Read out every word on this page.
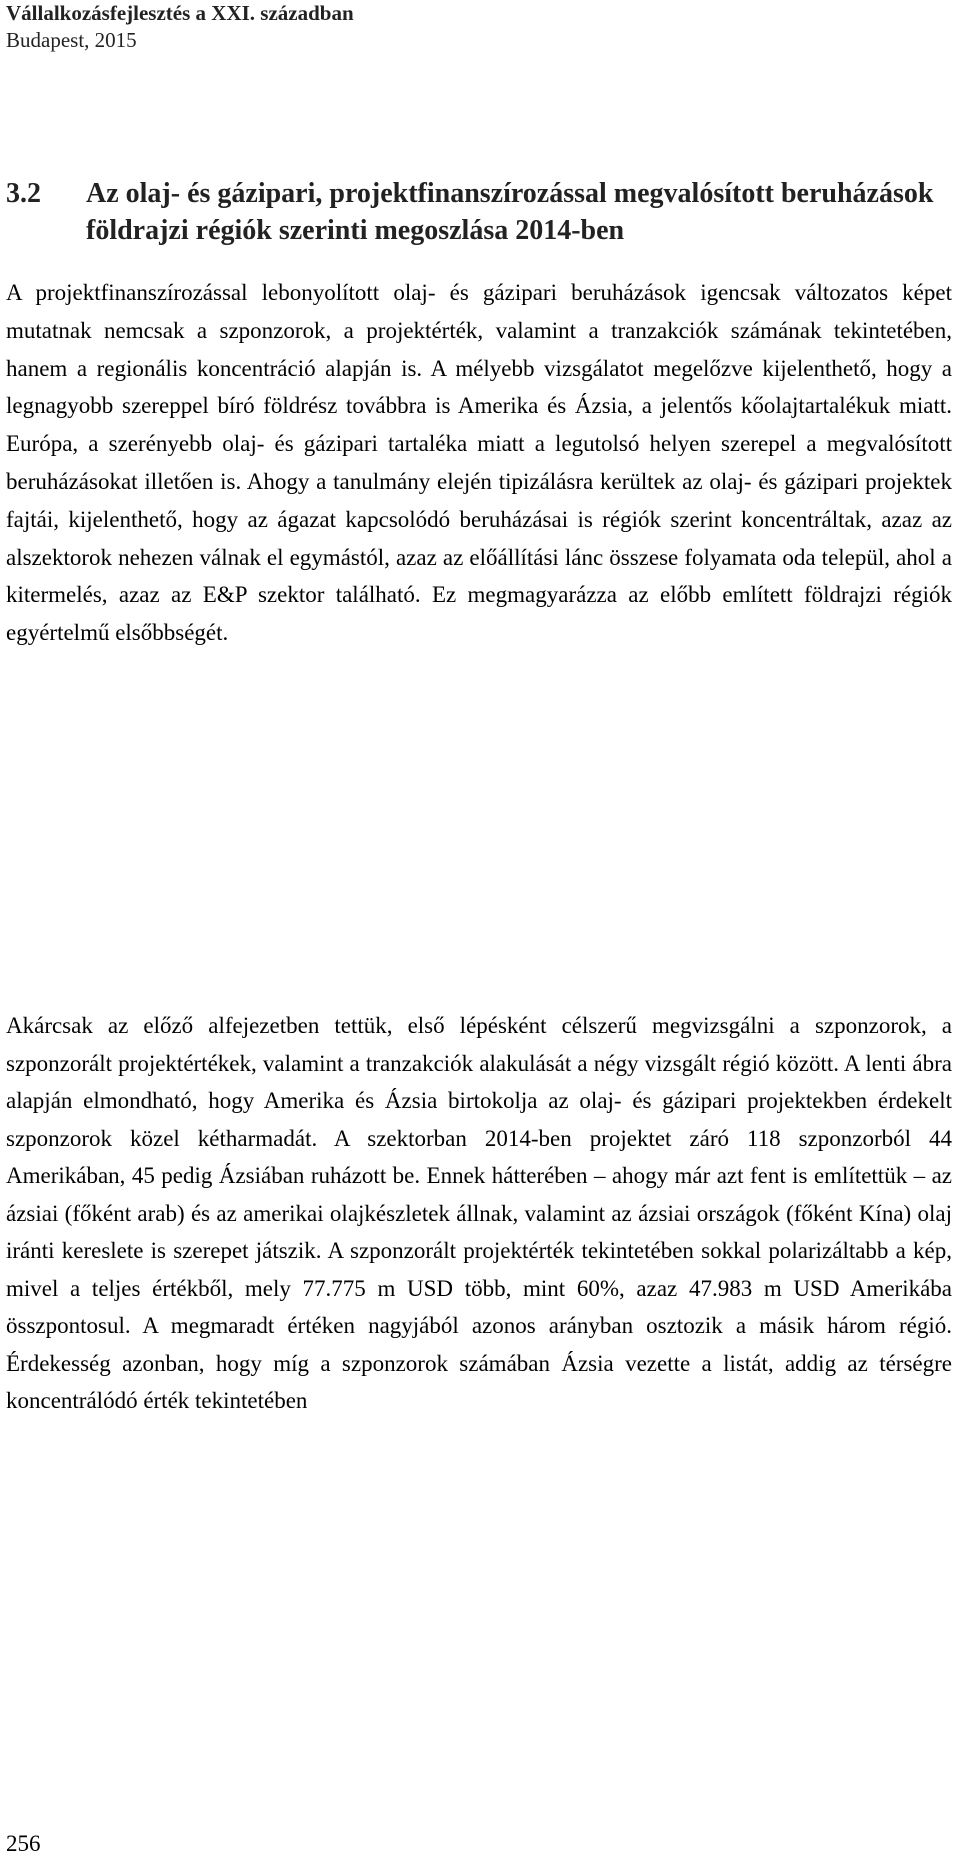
Vállalkozásfejlesztés a XXI. században
Budapest, 2015
3.2 Az olaj- és gázipari, projektfinanszírozással megvalósított beruházások földrajzi régiók szerinti megoszlása 2014-ben

A projektfinanszírozással lebonyolított olaj- és gázipari beruházások igencsak változatos képet mutatnak nemcsak a szponzorok, a projektérték, valamint a tranzakciók számának tekintetében, hanem a regionális koncentráció alapján is. A mélyebb vizsgálatot megelőzve kijelenthető, hogy a legnagyobb szereppel bíró földrész továbbra is Amerika és Ázsia, a jelentős kőolajtartalékuk miatt. Európa, a szerényebb olaj- és gázipari tartaléka miatt a legutolsó helyen szerepel a megvalósított beruházásokat illetően is. Ahogy a tanulmány elején tipizálásra kerültek az olaj- és gázipari projektek fajtái, kijelenthető, hogy az ágazat kapcsolódó beruházásai is régiók szerint koncentráltak, azaz az alszektorok nehezen válnak el egymástól, azaz az előállítási lánc összese folyamata oda települ, ahol a kitermelés, azaz az E&P szektor található. Ez megmagyarázza az előbb említett földrajzi régiók egyértelmű elsőbbségét.

Akárcsak az előző alfejezetben tettük, első lépésként célszerű megvizsgálni a szponzorok, a szponzorált projektértékek, valamint a tranzakciók alakulását a négy vizsgált régió között. A lenti ábra alapján elmondható, hogy Amerika és Ázsia birtokolja az olaj- és gázipari projektekben érdekelt szponzorok közel kétharmadát. A szektorban 2014-ben projektet záró 118 szponzorból 44 Amerikában, 45 pedig Ázsiában ruházott be. Ennek hátterében – ahogy már azt fent is említettük – az ázsiai (főként arab) és az amerikai olajkészletek állnak, valamint az ázsiai országok (főként Kína) olaj iránti kereslete is szerepet játszik. A szponzorált projektérték tekintetében sokkal polarizáltabb a kép, mivel a teljes értékből, mely 77.775 m USD több, mint 60%, azaz 47.983 m USD Amerikába összpontosul. A megmaradt értéken nagyjából azonos arányban osztozik a másik három régió. Érdekesség azonban, hogy míg a szponzorok számában Ázsia vezette a listát, addig az térségre koncentrálódó érték tekintetében

256
